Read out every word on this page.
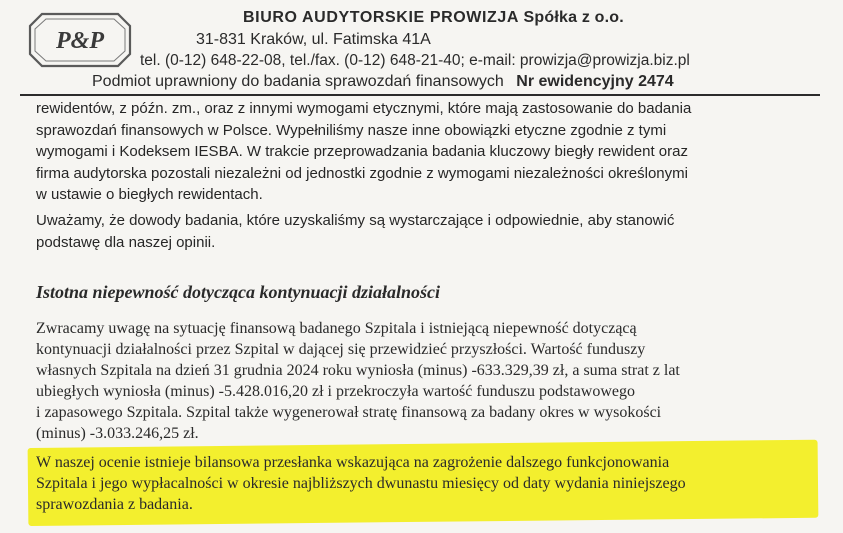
P&P
BIURO AUDYTORSKIE PROWIZJA Spółka z o.o.
31-831 Kraków, ul. Fatimska 41A
tel. (0-12) 648-22-08, tel./fax. (0-12) 648-21-40; e-mail: prowizja@prowizja.biz.pl
Podmiot uprawniony do badania sprawozdań finansowych Nr ewidencyjny 2474
rewidentów, z późn. zm., oraz z innymi wymogami etycznymi, które mają zastosowanie do badania
sprawozdań finansowych w Polsce. Wypełniliśmy nasze inne obowiązki etyczne zgodnie z tymi
wymogami i Kodeksem IESBA. W trakcie przeprowadzania badania kluczowy biegły rewident oraz
firma audytorska pozostali niezależni od jednostki zgodnie z wymogami niezależności określonymi
w ustawie o biegłych rewidentach.
Uważamy, że dowody badania, które uzyskaliśmy są wystarczające i odpowiednie, aby stanowić
podstawę dla naszej opinii.
Istotna niepewność dotycząca kontynuacji działalności
Zwracamy uwagę na sytuację finansową badanego Szpitala i istniejącą niepewność dotyczącą
kontynuacji działalności przez Szpital w dającej się przewidzieć przyszłości. Wartość funduszy
własnych Szpitala na dzień 31 grudnia 2024 roku wyniosła (minus) -633.329,39 zł, a suma strat z lat
ubiegłych wyniosła (minus) -5.428.016,20 zł i przekroczyła wartość funduszu podstawowego
i zapasowego Szpitala. Szpital także wygenerował stratę finansową za badany okres w wysokości
(minus) -3.033.246,25 zł.
W naszej ocenie istnieje bilansowa przesłanka wskazująca na zagrożenie dalszego funkcjonowania
Szpitala i jego wypłacalności w okresie najbliższych dwunastu miesięcy od daty wydania niniejszego
sprawozdania z badania.
